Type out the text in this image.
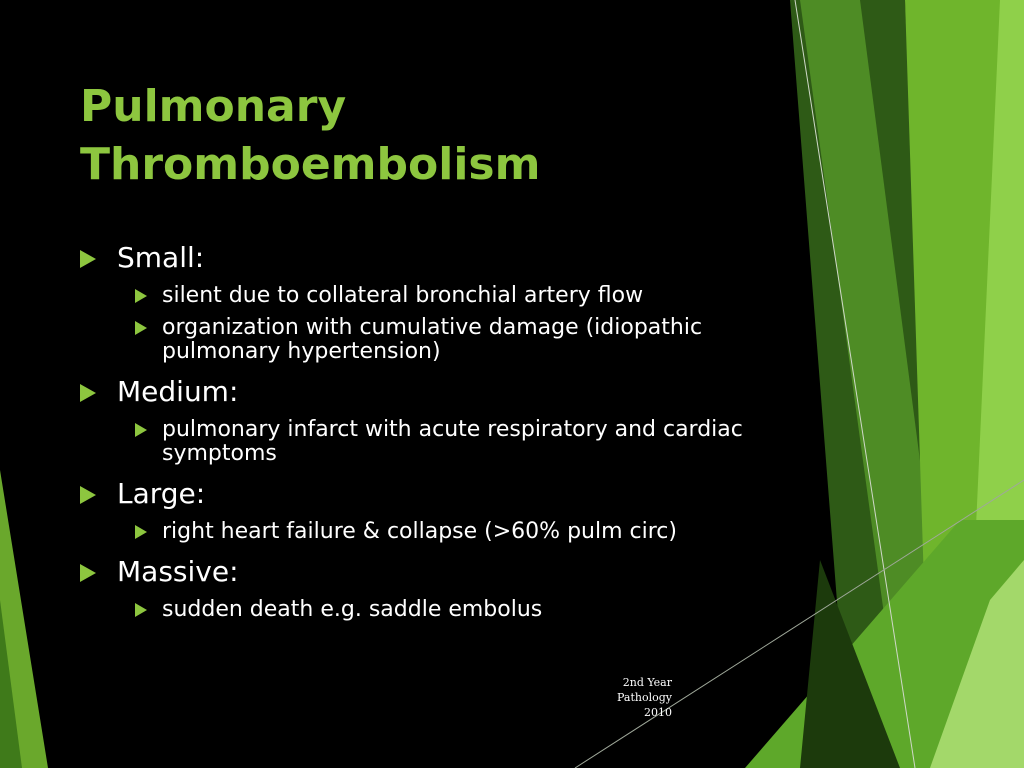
Pulmonary
Thromboembolism
Small:
silent due to collateral bronchial artery flow
organization with cumulative damage (idiopathic pulmonary hypertension)
Medium:
pulmonary infarct with acute respiratory and cardiac symptoms
Large:
right heart failure & collapse (>60% pulm circ)
Massive:
sudden death e.g. saddle embolus
2nd Year
Pathology
2010
